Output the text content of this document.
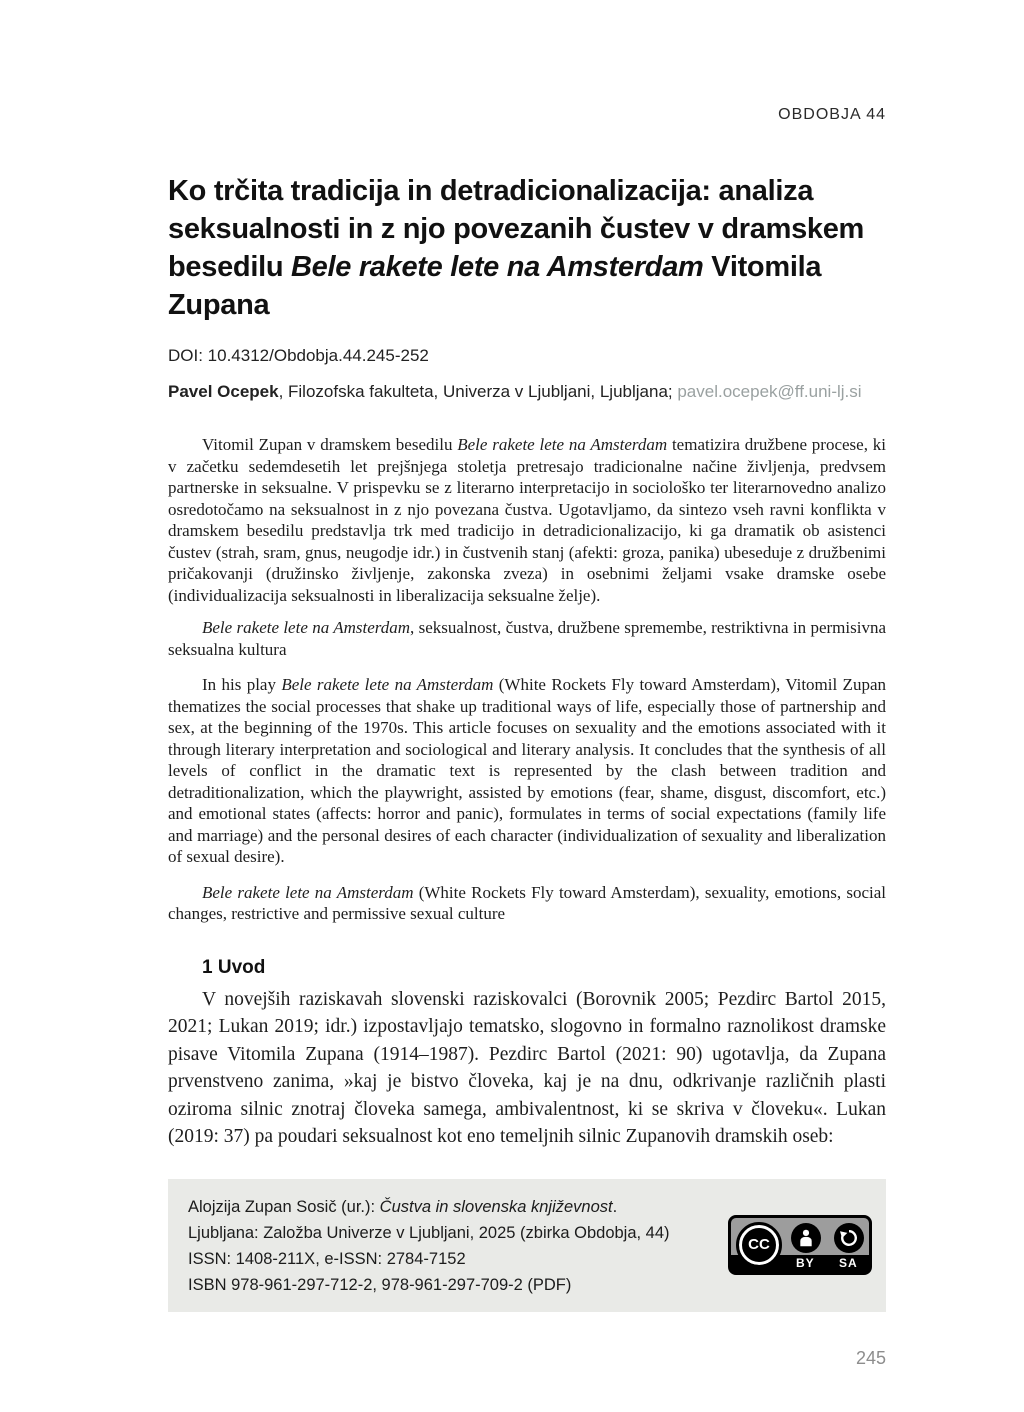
OBDOBJA 44
Ko trčita tradicija in detradicionalizacija: analiza seksualnosti in z njo povezanih čustev v dramskem besedilu Bele rakete lete na Amsterdam Vitomila Zupana
DOI: 10.4312/Obdobja.44.245-252
Pavel Ocepek, Filozofska fakulteta, Univerza v Ljubljani, Ljubljana; pavel.ocepek@ff.uni-lj.si

Vitomil Zupan v dramskem besedilu Bele rakete lete na Amsterdam tematizira družbene procese, ki v začetku sedemdesetih let prejšnjega stoletja pretresajo tradicionalne načine življenja, predvsem partnerske in seksualne. V prispevku se z literarno interpretacijo in sociološko ter literarnovedno analizo osredotočamo na seksualnost in z njo povezana čustva. Ugotavljamo, da sintezo vseh ravni konflikta v dramskem besedilu predstavlja trk med tradicijo in detradicionalizacijo, ki ga dramatik ob asistenci čustev (strah, sram, gnus, neugodje idr.) in čustvenih stanj (afekti: groza, panika) ubeseduje z družbenimi pričakovanji (družinsko življenje, zakonska zveza) in osebnimi željami vsake dramske osebe (individualizacija seksualnosti in liberalizacija seksualne želje).

Bele rakete lete na Amsterdam, seksualnost, čustva, družbene spremembe, restriktivna in permisivna seksualna kultura

In his play Bele rakete lete na Amsterdam (White Rockets Fly toward Amsterdam), Vitomil Zupan thematizes the social processes that shake up traditional ways of life, especially those of partnership and sex, at the beginning of the 1970s. This article focuses on sexuality and the emotions associated with it through literary interpretation and sociological and literary analysis. It concludes that the synthesis of all levels of conflict in the dramatic text is represented by the clash between tradition and detraditionalization, which the playwright, assisted by emotions (fear, shame, disgust, discomfort, etc.) and emotional states (affects: horror and panic), formulates in terms of social expectations (family life and marriage) and the personal desires of each character (individualization of sexuality and liberalization of sexual desire).

Bele rakete lete na Amsterdam (White Rockets Fly toward Amsterdam), sexuality, emotions, social changes, restrictive and permissive sexual culture

1 Uvod

V novejših raziskavah slovenski raziskovalci (Borovnik 2005; Pezdirc Bartol 2015, 2021; Lukan 2019; idr.) izpostavljajo tematsko, slogovno in formalno raznolikost dramske pisave Vitomila Zupana (1914–1987). Pezdirc Bartol (2021: 90) ugotavlja, da Zupana prvenstveno zanima, »kaj je bistvo človeka, kaj je na dnu, odkrivanje različnih plasti oziroma silnic znotraj človeka samega, ambivalentnost, ki se skriva v človeku«. Lukan (2019: 37) pa poudari seksualnost kot eno temeljnih silnic Zupanovih dramskih oseb:

Alojzija Zupan Sosič (ur.): Čustva in slovenska književnost.
Ljubljana: Založba Univerze v Ljubljani, 2025 (zbirka Obdobja, 44)
ISSN: 1408-211X, e-ISSN: 2784-7152
ISBN 978-961-297-712-2, 978-961-297-709-2 (PDF)
BY SA
CC
245
